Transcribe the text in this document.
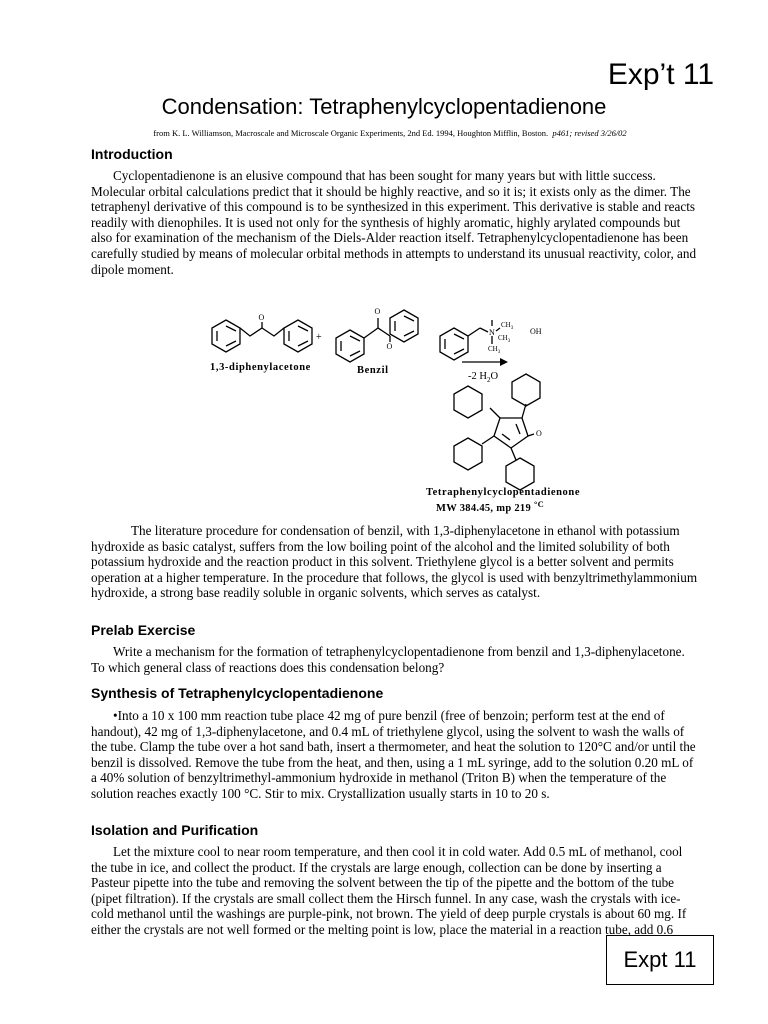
Exp’t 11
Condensation: Tetraphenylcyclopentadienone
from K. L. Williamson, Macroscale and Microscale Organic Experiments, 2nd Ed. 1994, Houghton Mifflin, Boston. p461; revised 3/26/02
Introduction

Cyclopentadienone is an elusive compound that has been sought for many years but with little success. Molecular orbital calculations predict that it should be highly reactive, and so it is; it exists only as the dimer. The tetraphenyl derivative of this compound is to be synthesized in this experiment. This derivative is stable and reacts readily with dienophiles. It is used not only for the synthesis of highly aromatic, highly arylated compounds but also for examination of the mechanism of the Diels-Alder reaction itself. Tetraphenylcyclopentadienone has been carefully studied by means of molecular orbital methods in attempts to understand its unusual reactivity, color, and dipole moment.

O
+
O
O
N
$CH_3$
$CH_3$
$CH_3$
OH
-2 $H_2O$
1,3-diphenylacetone	Benzil
O
Tetraphenylcyclopentadienone
MW 384.45, mp 219 $^{^\circ C}$

The literature procedure for condensation of benzil, with 1,3-diphenylacetone in ethanol with potassium hydroxide as basic catalyst, suffers from the low boiling point of the alcohol and the limited solubility of both potassium hydroxide and the reaction product in this solvent. Triethylene glycol is a better solvent and permits operation at a higher temperature. In the procedure that follows, the glycol is used with benzyltrimethylammonium hydroxide, a strong base readily soluble in organic solvents, which serves as catalyst.

Prelab Exercise

Write a mechanism for the formation of tetraphenylcyclopentadienone from benzil and 1,3-diphenylacetone. To which general class of reactions does this condensation belong?

Synthesis of Tetraphenylcyclopentadienone

•Into a 10 x 100 mm reaction tube place 42 mg of pure benzil (free of benzoin; perform test at the end of handout), 42 mg of 1,3-diphenylacetone, and 0.4 mL of triethylene glycol, using the solvent to wash the walls of the tube. Clamp the tube over a hot sand bath, insert a thermometer, and heat the solution to 120°C and/or until the benzil is dissolved. Remove the tube from the heat, and then, using a 1 mL syringe, add to the solution 0.20 mL of a 40% solution of benzyltrimethyl-ammonium hydroxide in methanol (Triton B) when the temperature of the solution reaches exactly 100 °C. Stir to mix. Crystallization usually starts in 10 to 20 s.

Isolation and Purification

Let the mixture cool to near room temperature, and then cool it in cold water. Add 0.5 mL of methanol, cool the tube in ice, and collect the product. If the crystals are large enough, collection can be done by inserting a Pasteur pipette into the tube and removing the solvent between the tip of the pipette and the bottom of the tube (pipet filtration). If the crystals are small collect them the Hirsch funnel. In any case, wash the crystals with ice-cold methanol until the washings are purple-pink, not brown. The yield of deep purple crystals is about 60 mg. If either the crystals are not well formed or the melting point is low, place the material in a reaction tube, add 0.6

Expt 11
